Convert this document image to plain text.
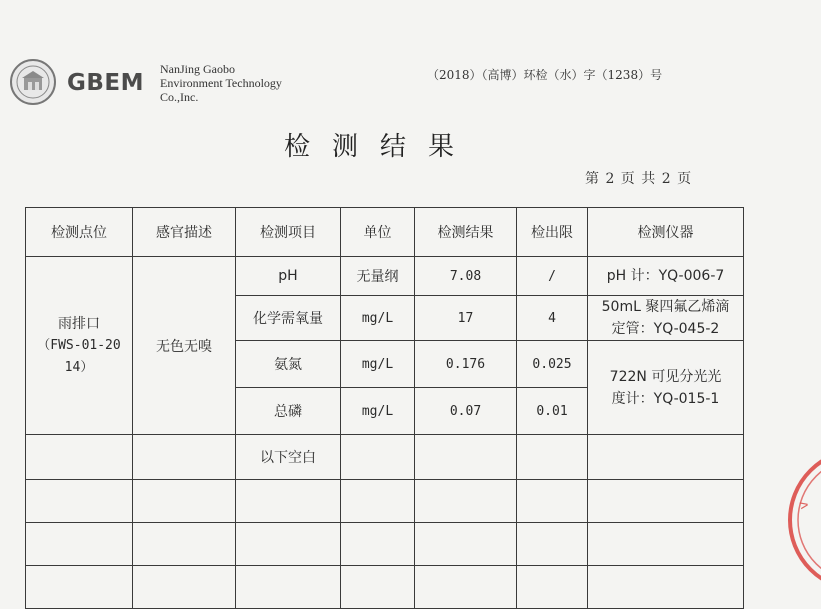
GBEM
NanJing Gaobo
Environment Technology
Co.,Inc.
（2018）（高博）环检（水）字（1238）号
检测结果
第 2 页 共 2 页
检测点位	感官描述	检测项目	单位	检测结果	检出限	检测仪器

雨排口
（FWS-01-20
14）	无色无嗅	pH	无量纲	7.08	/	pH 计：YQ-006-7

		化学需氧量	mg/L	17	4	50mL 聚四氟乙烯滴
定管：YQ-045-2

		氨氮	mg/L	0.176	0.025	722N 可见分光光
度计：YQ-015-1

		总磷	mg/L	0.07	0.01	
		以下空白				

ᴧ
